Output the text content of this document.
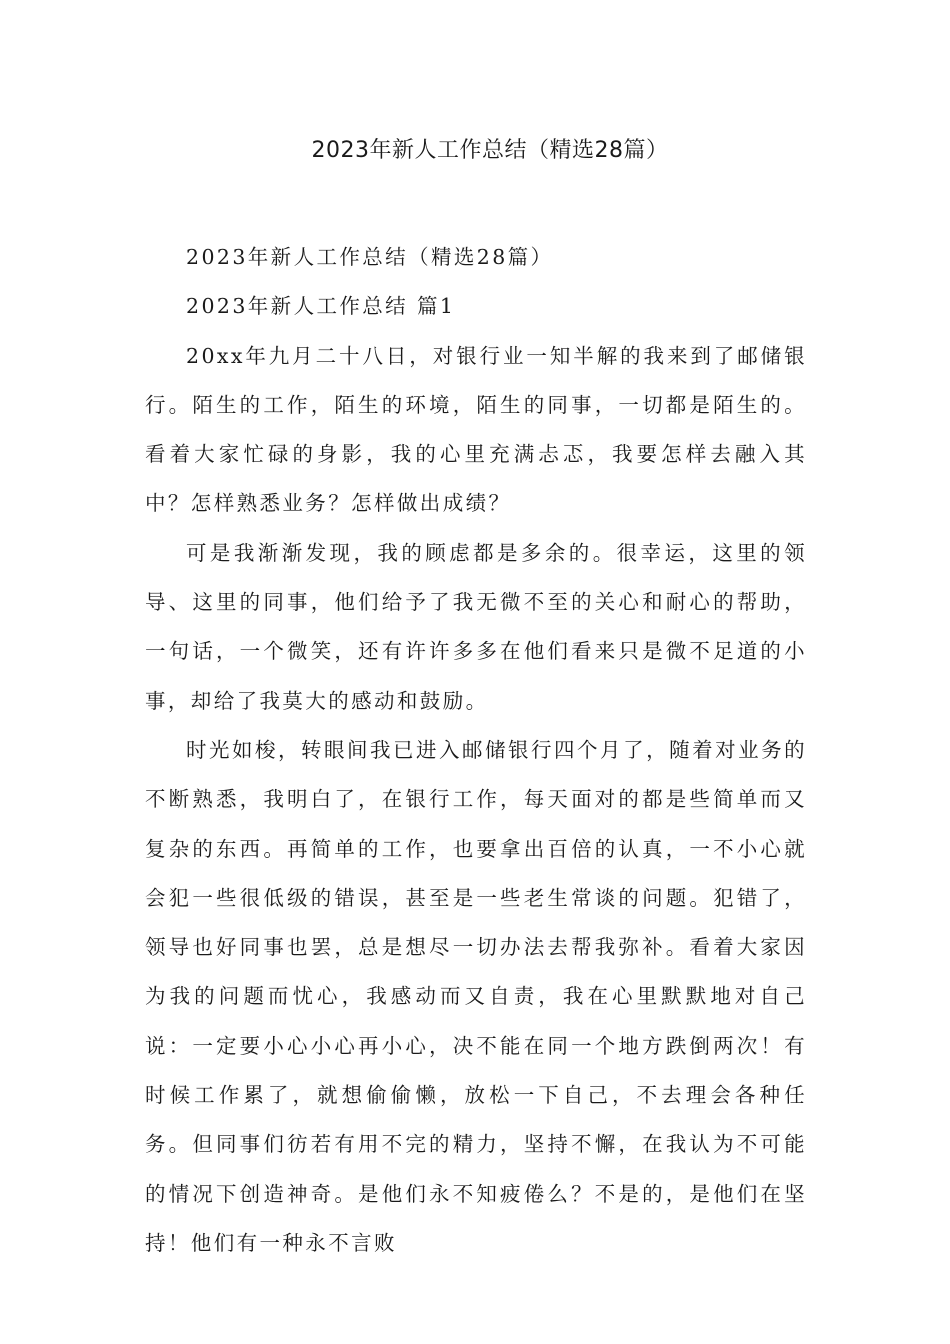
2023年新人工作总结（精选28篇）

2023年新人工作总结（精选28篇）

2023年新人工作总结 篇1

20xx年九月二十八日，对银行业一知半解的我来到了邮储银行。陌生的工作，陌生的环境，陌生的同事，一切都是陌生的。看着大家忙碌的身影，我的心里充满忐忑，我要怎样去融入其中？怎样熟悉业务？怎样做出成绩？

可是我渐渐发现，我的顾虑都是多余的。很幸运，这里的领导、这里的同事，他们给予了我无微不至的关心和耐心的帮助，一句话，一个微笑，还有许许多多在他们看来只是微不足道的小事，却给了我莫大的感动和鼓励。

时光如梭，转眼间我已进入邮储银行四个月了，随着对业务的不断熟悉，我明白了，在银行工作，每天面对的都是些简单而又复杂的东西。再简单的工作，也要拿出百倍的认真，一不小心就会犯一些很低级的错误，甚至是一些老生常谈的问题。犯错了，领导也好同事也罢，总是想尽一切办法去帮我弥补。看着大家因为我的问题而忧心，我感动而又自责，我在心里默默地对自己说：一定要小心小心再小心，决不能在同一个地方跌倒两次！有时候工作累了，就想偷偷懒，放松一下自己，不去理会各种任务。但同事们彷若有用不完的精力，坚持不懈，在我认为不可能的情况下创造神奇。是他们永不知疲倦么？不是的，是他们在坚持！他们有一种永不言败
